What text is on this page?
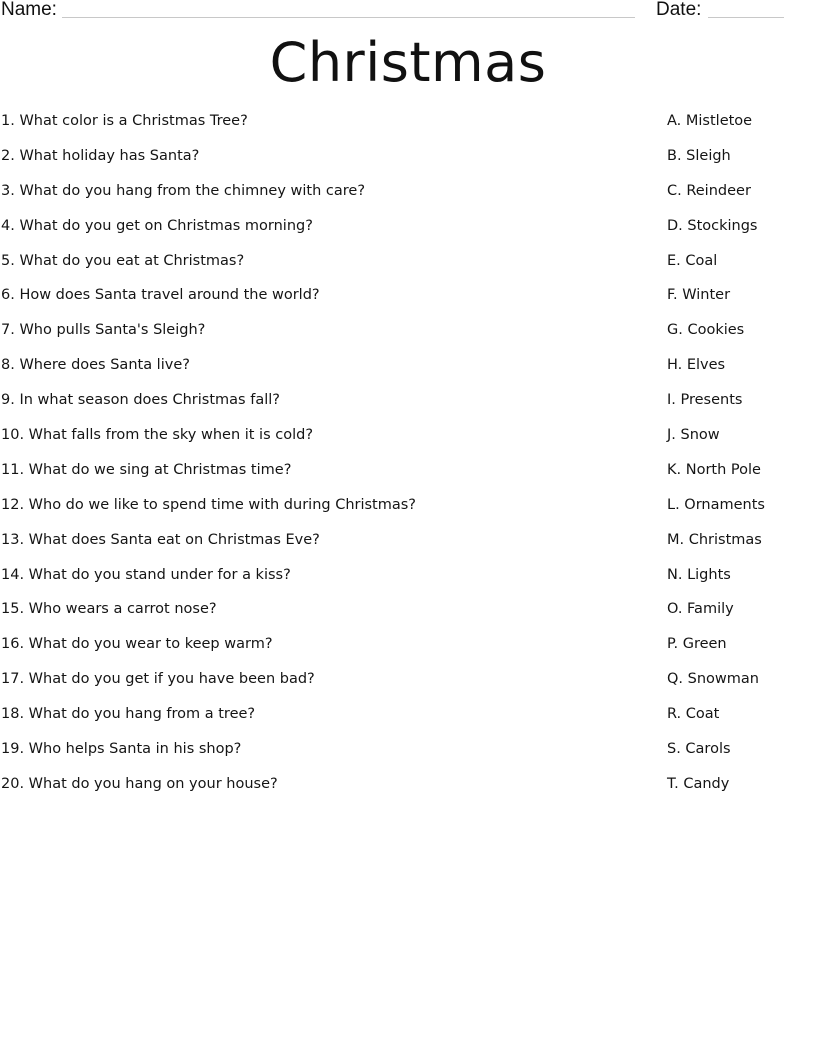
Name:	Date:
Christmas
1. What color is a Christmas Tree?
2. What holiday has Santa?
3. What do you hang from the chimney with care?
4. What do you get on Christmas morning?
5. What do you eat at Christmas?
6. How does Santa travel around the world?
7. Who pulls Santa's Sleigh?
8. Where does Santa live?
9. In what season does Christmas fall?
10. What falls from the sky when it is cold?
11. What do we sing at Christmas time?
12. Who do we like to spend time with during Christmas?
13. What does Santa eat on Christmas Eve?
14. What do you stand under for a kiss?
15. Who wears a carrot nose?
16. What do you wear to keep warm?
17. What do you get if you have been bad?
18. What do you hang from a tree?
19. Who helps Santa in his shop?
20. What do you hang on your house?
A. Mistletoe
B. Sleigh
C. Reindeer
D. Stockings
E. Coal
F. Winter
G. Cookies
H. Elves
I. Presents
J. Snow
K. North Pole
L. Ornaments
M. Christmas
N. Lights
O. Family
P. Green
Q. Snowman
R. Coat
S. Carols
T. Candy
